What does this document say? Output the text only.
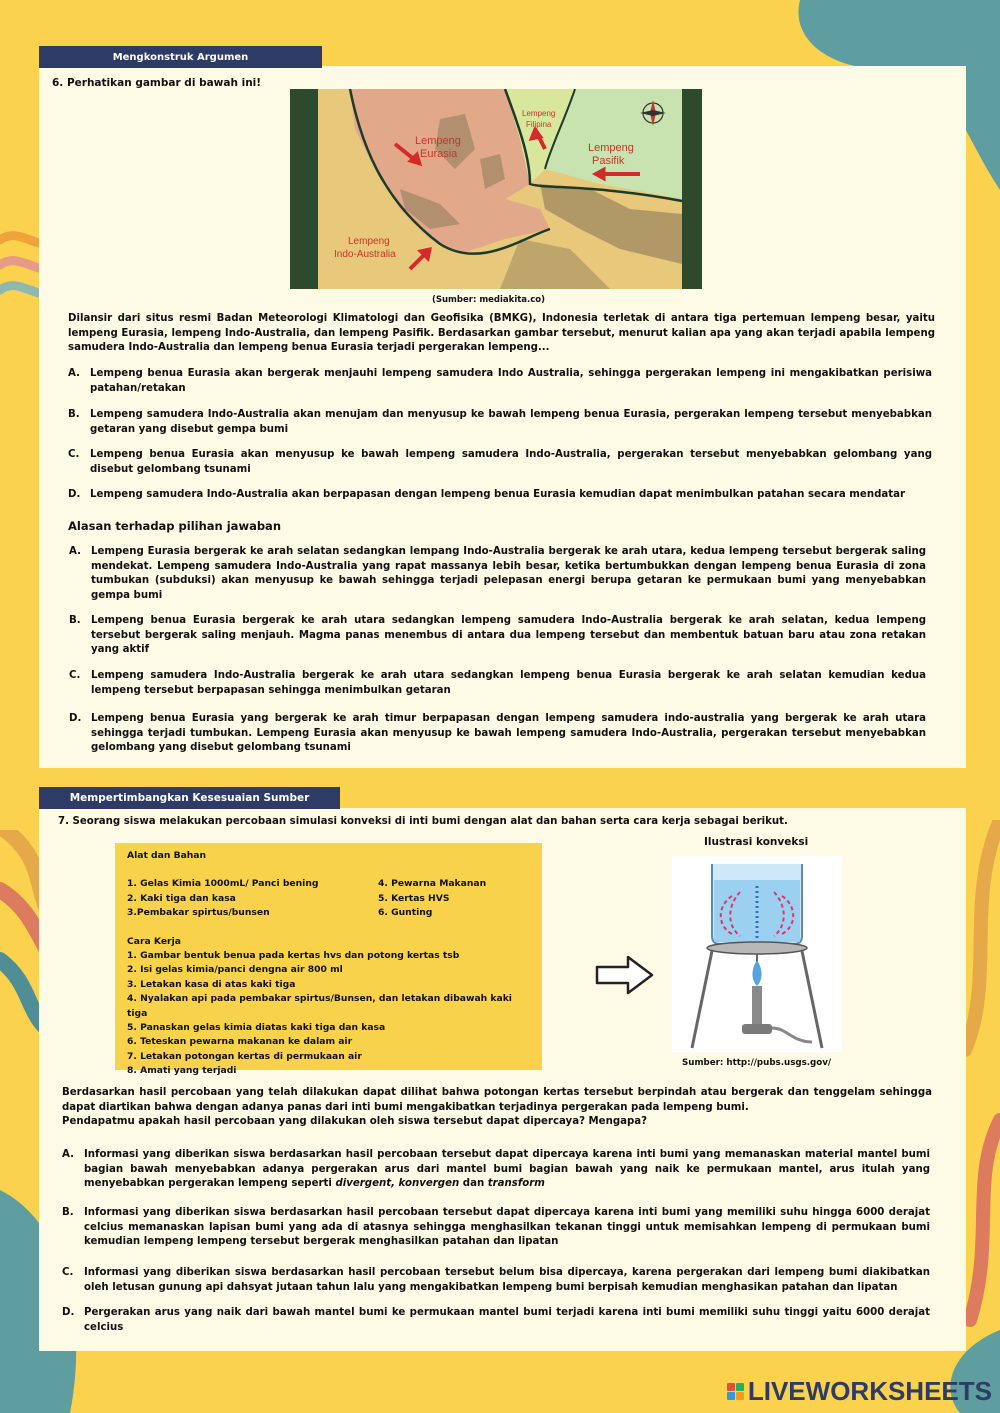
Mengkonstruk Argumen
6. Perhatikan gambar di bawah ini!
Lempeng
Eurasia
Lempeng
Filipina
Lempeng
Pasifik
Lempeng
Indo-Australia
(Sumber: mediakita.co)
Dilansir dari situs resmi Badan Meteorologi Klimatologi dan Geofisika (BMKG), Indonesia terletak di antara tiga pertemuan lempeng besar, yaitu lempeng Eurasia, lempeng Indo-Australia, dan lempeng Pasifik. Berdasarkan gambar tersebut, menurut kalian apa yang akan terjadi apabila lempeng samudera Indo-Australia dan lempeng benua Eurasia terjadi pergerakan lempeng...
A. Lempeng benua Eurasia akan bergerak menjauhi lempeng samudera Indo Australia, sehingga pergerakan lempeng ini mengakibatkan perisiwa patahan/retakan
B.	Lempeng samudera Indo-Australia akan menujam dan menyusup ke bawah lempeng benua Eurasia, pergerakan lempeng tersebut menyebabkan getaran yang disebut gempa bumi
C.	Lempeng benua Eurasia akan menyusup ke bawah lempeng samudera Indo-Australia, pergerakan tersebut menyebabkan gelombang yang disebut gelombang tsunami
D. Lempeng samudera Indo-Australia akan berpapasan dengan lempeng benua Eurasia kemudian dapat menimbulkan patahan secara mendatar
Alasan terhadap pilihan jawaban
A. Lempeng Eurasia bergerak ke arah selatan sedangkan lempang Indo-Australia bergerak ke arah utara, kedua lempeng tersebut bergerak saling mendekat. Lempeng samudera Indo-Australia yang rapat massanya lebih besar, ketika bertumbukkan dengan lempeng benua Eurasia di zona tumbukan (subduksi) akan menyusup ke bawah sehingga terjadi pelepasan energi berupa getaran ke permukaan bumi yang menyebabkan gempa bumi
B.	Lempeng benua Eurasia bergerak ke arah utara sedangkan lempeng samudera Indo-Australia bergerak ke arah selatan, kedua lempeng tersebut bergerak saling menjauh. Magma panas menembus di antara dua lempeng tersebut dan membentuk batuan baru atau zona retakan yang aktif
C.	Lempeng samudera Indo-Australia bergerak ke arah utara sedangkan lempeng benua Eurasia bergerak ke arah selatan kemudian kedua lempeng tersebut berpapasan sehingga menimbulkan getaran
D. Lempeng benua Eurasia yang bergerak ke arah timur berpapasan dengan lempeng samudera indo-australia yang bergerak ke arah utara sehingga terjadi tumbukan. Lempeng Eurasia akan menyusup ke bawah lempeng samudera Indo-Australia, pergerakan tersebut menyebabkan gelombang yang disebut gelombang tsunami
Mempertimbangkan Kesesuaian Sumber
7. Seorang siswa melakukan percobaan simulasi konveksi di inti bumi dengan alat dan bahan serta cara kerja sebagai berikut.
Alat dan Bahan
1. Gelas Kimia 1000mL/ Panci bening	4. Pewarna Makanan
2. Kaki tiga dan kasa	5. Kertas HVS
3.Pembakar spirtus/bunsen	6. Gunting
Cara Kerja
1. Gambar bentuk benua pada kertas hvs dan potong kertas tsb
2. Isi gelas kimia/panci dengna air 800 ml
3. Letakan kasa di atas kaki tiga
4. Nyalakan api pada pembakar spirtus/Bunsen, dan letakan dibawah kaki tiga
5. Panaskan gelas kimia diatas kaki tiga dan kasa
6. Teteskan pewarna makanan ke dalam air
7. Letakan potongan kertas di permukaan air
8. Amati yang terjadi
Ilustrasi konveksi
Sumber: http://pubs.usgs.gov/
Berdasarkan hasil percobaan yang telah dilakukan dapat dilihat bahwa potongan kertas tersebut berpindah atau bergerak dan tenggelam sehingga dapat diartikan bahwa dengan adanya panas dari inti bumi mengakibatkan terjadinya pergerakan pada lempeng bumi.
Pendapatmu apakah hasil percobaan yang dilakukan oleh siswa tersebut dapat dipercaya? Mengapa?
A. Informasi yang diberikan siswa berdasarkan hasil percobaan tersebut dapat dipercaya karena inti bumi yang memanaskan material mantel bumi bagian bawah menyebabkan adanya pergerakan arus dari mantel bumi bagian bawah yang naik ke permukaan mantel, arus itulah yang menyebabkan pergerakan lempeng seperti divergent, konvergen dan transform
B.	Informasi yang diberikan siswa berdasarkan hasil percobaan tersebut dapat dipercaya karena inti bumi yang memiliki suhu hingga 6000 derajat celcius memanaskan lapisan bumi yang ada di atasnya sehingga menghasilkan tekanan tinggi untuk memisahkan lempeng di permukaan bumi kemudian lempeng lempeng tersebut bergerak menghasilkan patahan dan lipatan
C.	Informasi yang diberikan siswa berdasarkan hasil percobaan tersebut belum bisa dipercaya, karena pergerakan dari lempeng bumi diakibatkan oleh letusan gunung api dahsyat jutaan tahun lalu yang mengakibatkan lempeng bumi berpisah kemudian menghasikan patahan dan lipatan
D. Pergerakan arus yang naik dari bawah mantel bumi ke permukaan mantel bumi terjadi karena inti bumi memiliki suhu tinggi yaitu 6000 derajat celcius
LIVEWORKSHEETS
